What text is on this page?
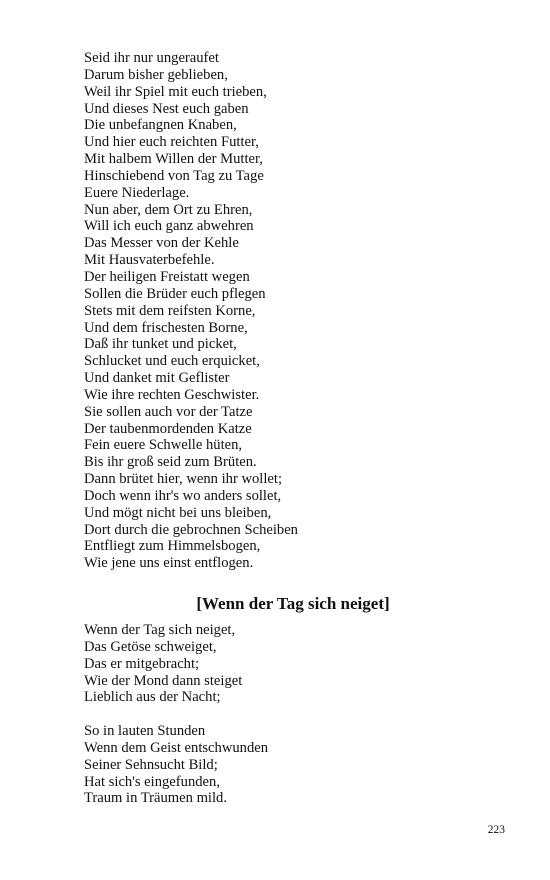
Seid ihr nur ungeraufet
Darum bisher geblieben,
Weil ihr Spiel mit euch trieben,
Und dieses Nest euch gaben
Die unbefangnen Knaben,
Und hier euch reichten Futter,
Mit halbem Willen der Mutter,
Hinschiebend von Tag zu Tage
Euere Niederlage.
Nun aber, dem Ort zu Ehren,
Will ich euch ganz abwehren
Das Messer von der Kehle
Mit Hausvaterbefehle.
Der heiligen Freistatt wegen
Sollen die Brüder euch pflegen
Stets mit dem reifsten Korne,
Und dem frischesten Borne,
Daß ihr tunket und picket,
Schlucket und euch erquicket,
Und danket mit Geflister
Wie ihre rechten Geschwister.
Sie sollen auch vor der Tatze
Der taubenmordenden Katze
Fein euere Schwelle hüten,
Bis ihr groß seid zum Brüten.
Dann brütet hier, wenn ihr wollet;
Doch wenn ihr's wo anders sollet,
Und mögt nicht bei uns bleiben,
Dort durch die gebrochnen Scheiben
Entfliegt zum Himmelsbogen,
Wie jene uns einst entflogen.
[Wenn der Tag sich neiget]
Wenn der Tag sich neiget,
Das Getöse schweiget,
Das er mitgebracht;
Wie der Mond dann steiget
Lieblich aus der Nacht;
So in lauten Stunden
Wenn dem Geist entschwunden
Seiner Sehnsucht Bild;
Hat sich's eingefunden,
Traum in Träumen mild.
223
